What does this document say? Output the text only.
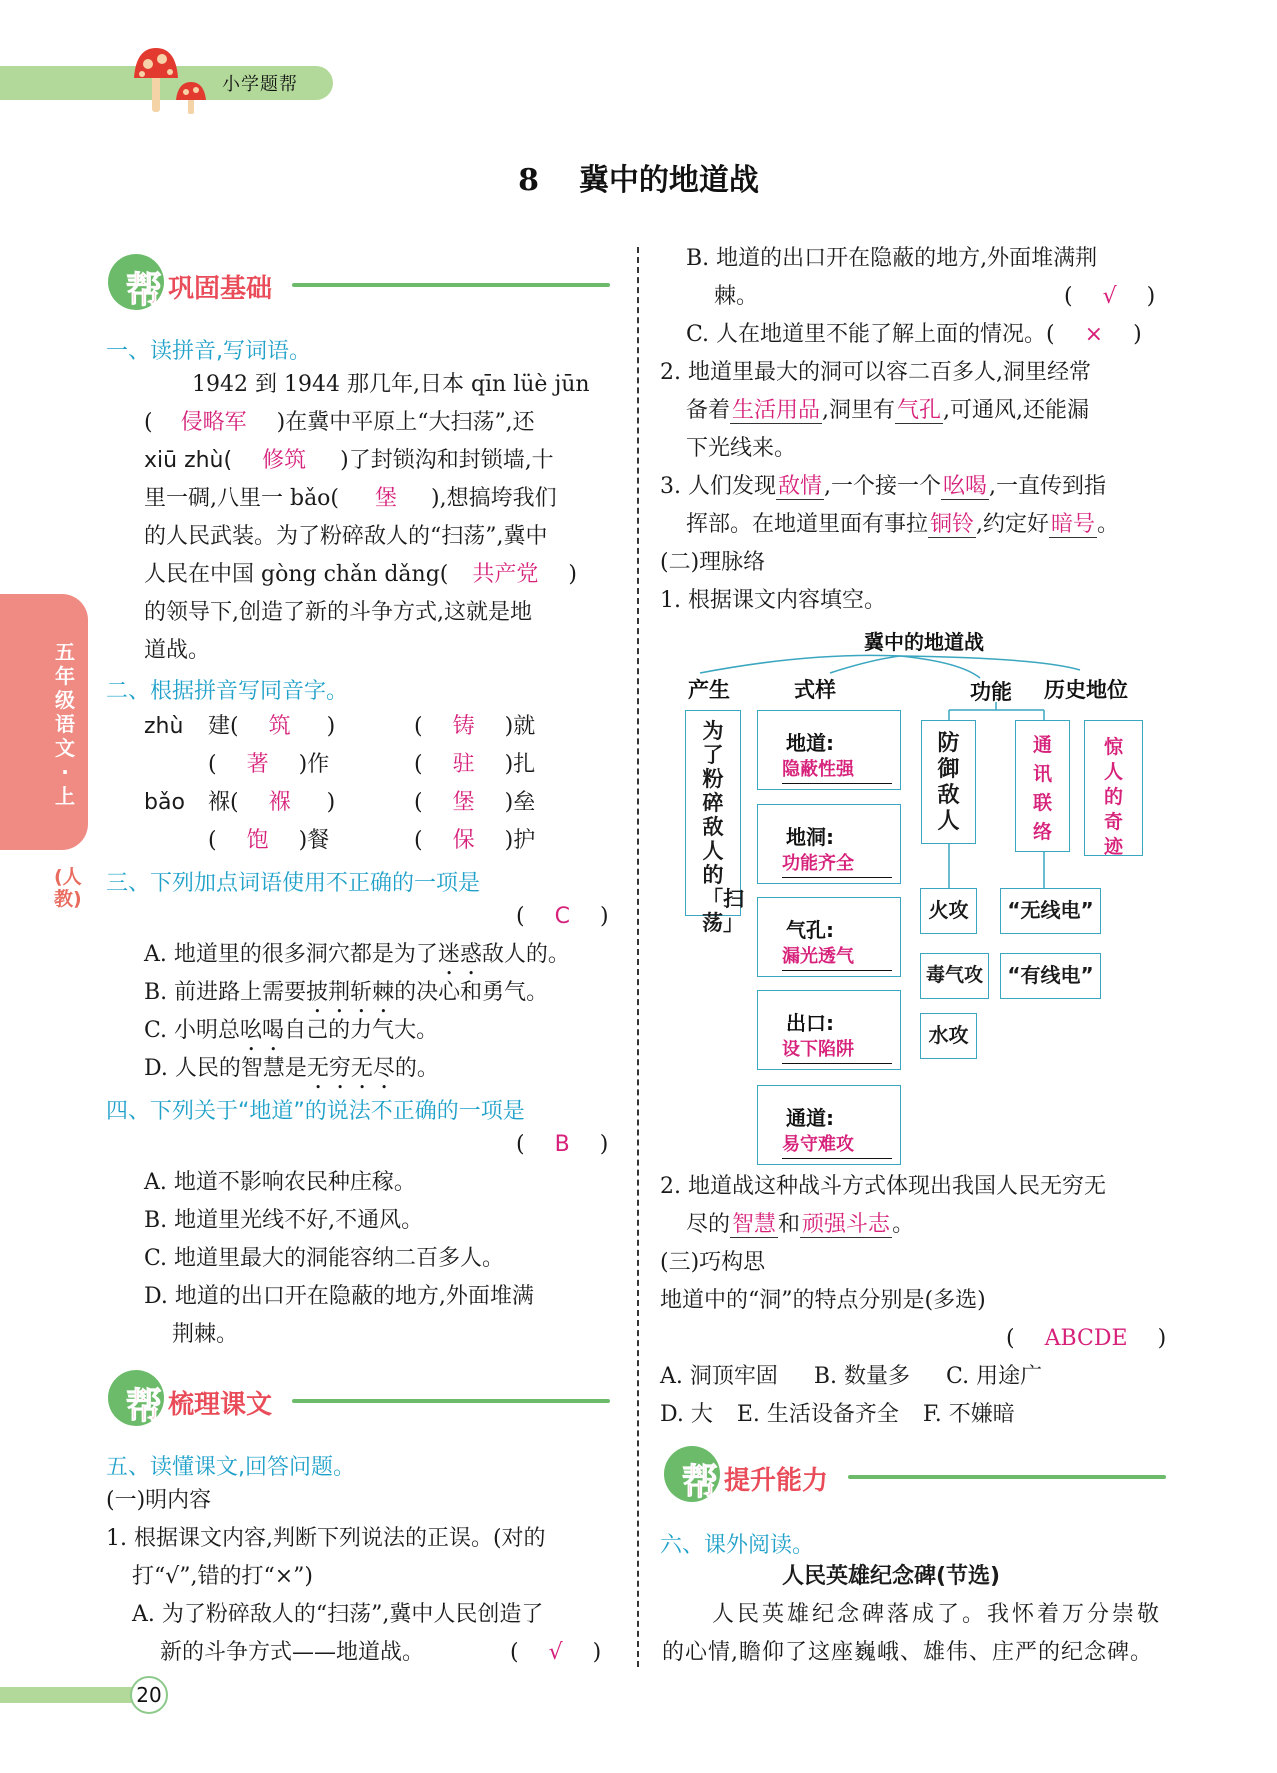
小学题帮
8 冀中的地道战
五年级语文·上
(人教)
帮 巩固基础
一、读拼音,写词语。
1942 到 1944 那几年,日本 qīn lüè jūn
( 侵略军 )在冀中平原上“大扫荡”,还
xiū zhù( 修筑 )了封锁沟和封锁墙,十
里一碉,八里一 bǎo( 堡 ),想搞垮我们
的人民武装。为了粉碎敌人的“扫荡”,冀中
人民在中国 gòng chǎn dǎng( 共产党 )
的领导下,创造了新的斗争方式,这就是地
道战。
二、根据拼音写同音字。
zhù
bǎo
建( 筑 )	( 铸 )就
( 著 )作	( 驻 )扎
褓( 褓 )	( 堡 )垒
( 饱 )餐	( 保 )护
三、下列加点词语使用不正确的一项是
( C )
A. 地道里的很多洞穴都是为了迷惑敌人的。
B. 前进路上需要披荆斩棘的决心和勇气。
C. 小明总吆喝自己的力气大。
D. 人民的智慧是无穷无尽的。
四、下列关于“地道”的说法不正确的一项是
( B )
A. 地道不影响农民种庄稼。
B. 地道里光线不好,不通风。
C. 地道里最大的洞能容纳二百多人。
D. 地道的出口开在隐蔽的地方,外面堆满
荆棘。
帮 梳理课文
五、读懂课文,回答问题。
(一)明内容
1. 根据课文内容,判断下列说法的正误。(对的
打“√”,错的打“×”)
A. 为了粉碎敌人的“扫荡”,冀中人民创造了
新的斗争方式——地道战。	( √ )
B. 地道的出口开在隐蔽的地方,外面堆满荆
棘。	( √ )
C. 人在地道里不能了解上面的情况。( × )
2. 地道里最大的洞可以容二百多人,洞里经常
备着生活用品,洞里有气孔,可通风,还能漏
下光线来。
3. 人们发现敌情,一个接一个吆喝,一直传到指
挥部。在地道里面有事拉铜铃,约定好暗号。
(二)理脉络
1. 根据课文内容填空。
冀中的地道战
产生	式样	功能 历史地位
为了粉碎敌人的「扫荡」
地道:
隐蔽性强
地洞:
功能齐全
气孔:
漏光透气
出口:
设下陷阱
通道:
易守难攻
防御敌人
通讯联络
惊人的奇迹
火攻
毒气攻
水攻
“无线电”
“有线电”
2. 地道战这种战斗方式体现出我国人民无穷无
尽的智慧和顽强斗志。
(三)巧构思
地道中的“洞”的特点分别是(多选)
( ABCDE )
A. 洞顶牢固 B. 数量多 C. 用途广
D. 大 E. 生活设备齐全 F. 不嫌暗
帮 提升能力
六、课外阅读。
人民英雄纪念碑(节选)
人民英雄纪念碑落成了。我怀着万分崇敬
的心情,瞻仰了这座巍峨、雄伟、庄严的纪念碑。
20
